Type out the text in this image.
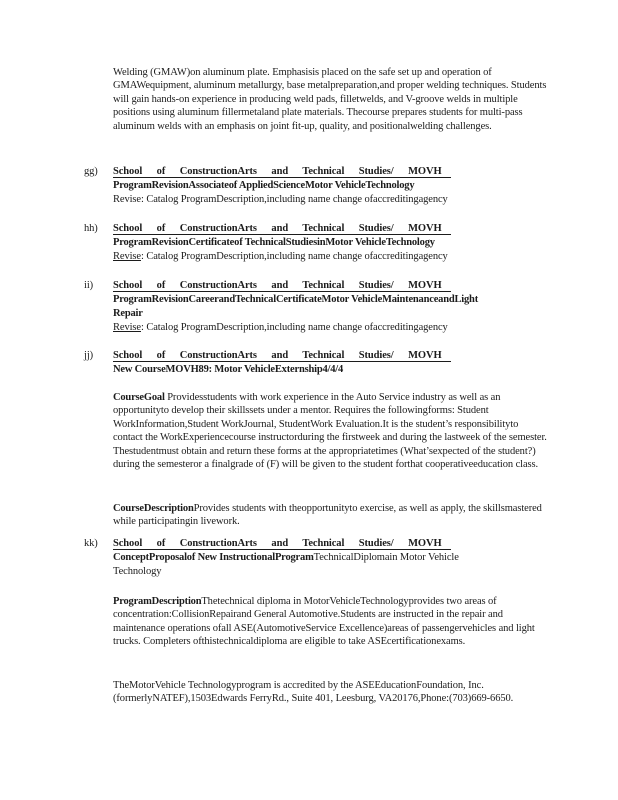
Welding (GMAW)on aluminum plate. Emphasisis placed on the safe set up and operation of GMAWequipment, aluminum metallurgy, base metalpreparation,and proper welding techniques. Students will gain hands-on experience in producing weld pads, filletwelds, and V-groove welds in multiple positions using aluminum fillermetaland plate materials. Thecourse prepares students for multi-pass aluminum welds with an emphasis on joint fit-up, quality, and positionalwelding challenges.

gg) School of ConstructionArts and Technical Studies/ MOVH
ProgramRevisionAssociateof AppliedScienceMotor VehicleTechnology
Revise: Catalog ProgramDescription,including name change ofaccreditingagency
hh) School of ConstructionArts and Technical Studies/ MOVH
ProgramRevisionCertificateof TechnicalStudiesinMotor VehicleTechnology
Revise: Catalog ProgramDescription,including name change ofaccreditingagency
ii) School of ConstructionArts and Technical Studies/ MOVH
ProgramRevisionCareerandTechnicalCertificateMotor VehicleMaintenanceandLight
Repair
Revise: Catalog ProgramDescription,including name change ofaccreditingagency
jj) School of ConstructionArts and Technical Studies/ MOVH
New CourseMOVH89: Motor VehicleExternship4/4/4

CourseGoal Providesstudents with work experience in the Auto Service industry as well as an opportunityto develop their skillssets under a mentor. Requires the followingforms: Student WorkInformation,Student WorkJournal, StudentWork Evaluation.It is the student’s responsibilityto contact the WorkExperiencecourse instructorduring the firstweek and during the lastweek of the semester. Thestudentmust obtain and return these forms at the appropriatetimes (What’sexpected of the student?) during the semesteror a finalgrade of (F) will be given to the student forthat cooperativeeducation class.

CourseDescriptionProvides students with theopportunityto exercise, as well as apply, the skillsmastered while participatingin livework.

kk) School of ConstructionArts and Technical Studies/ MOVH
ConceptProposalof New InstructionalProgramTechnicalDiplomain Motor Vehicle
Technology

ProgramDescriptionThetechnical diploma in MotorVehicleTechnologyprovides two areas of concentration:CollisionRepairand General Automotive.Students are instructed in the repair and maintenance operations ofall ASE(AutomotiveService Excellence)areas of passengervehicles and light trucks. Completers ofthistechnicaldiploma are eligible to take ASEcertificationexams.

TheMotorVehicle Technologyprogram is accredited by the ASEEducationFoundation, Inc. (formerlyNATEF),1503Edwards FerryRd., Suite 401, Leesburg, VA20176,Phone:(703)669-6650.
